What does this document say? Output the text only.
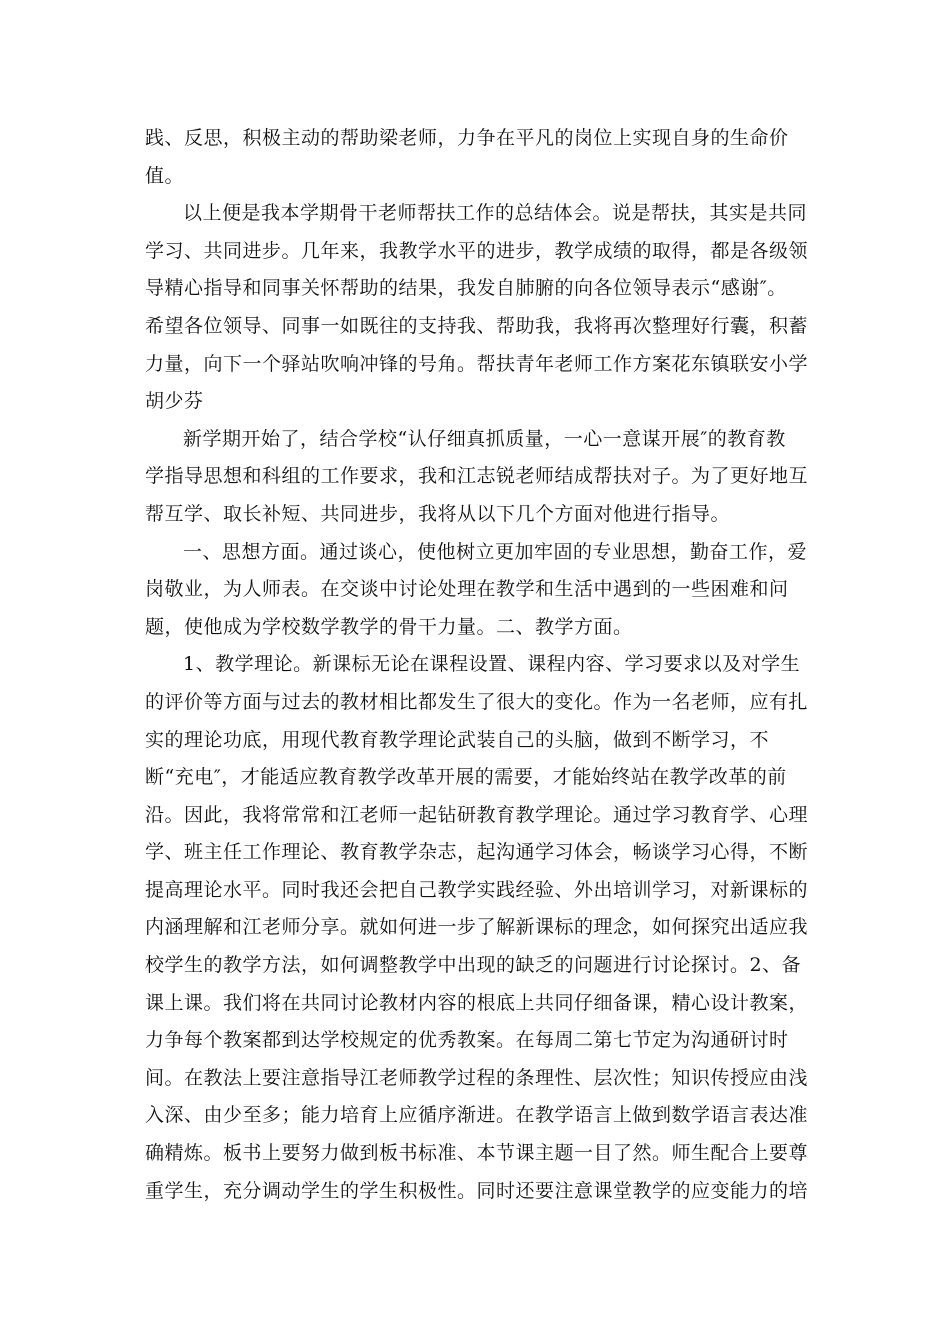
践、反思，积极主动的帮助梁老师，力争在平凡的岗位上实现自身的生命价
值。
以上便是我本学期骨干老师帮扶工作的总结体会。说是帮扶，其实是共同
学习、共同进步。几年来，我教学水平的进步，教学成绩的取得，都是各级领
导精心指导和同事关怀帮助的结果，我发自肺腑的向各位领导表示“感谢″。
希望各位领导、同事一如既往的支持我、帮助我，我将再次整理好行囊，积蓄
力量，向下一个驿站吹响冲锋的号角。帮扶青年老师工作方案花东镇联安小学
胡少芬
新学期开始了，结合学校“认仔细真抓质量，一心一意谋开展″的教育教
学指导思想和科组的工作要求，我和江志锐老师结成帮扶对子。为了更好地互
帮互学、取长补短、共同进步，我将从以下几个方面对他进行指导。
一、思想方面。通过谈心，使他树立更加牢固的专业思想，勤奋工作，爱
岗敬业，为人师表。在交谈中讨论处理在教学和生活中遇到的一些困难和问
题，使他成为学校数学教学的骨干力量。二、教学方面。
1、教学理论。新课标无论在课程设置、课程内容、学习要求以及对学生
的评价等方面与过去的教材相比都发生了很大的变化。作为一名老师，应有扎
实的理论功底，用现代教育教学理论武装自己的头脑，做到不断学习，不
断“充电″，才能适应教育教学改革开展的需要，才能始终站在教学改革的前
沿。因此，我将常常和江老师一起钻研教育教学理论。通过学习教育学、心理
学、班主任工作理论、教育教学杂志，起沟通学习体会，畅谈学习心得，不断
提高理论水平。同时我还会把自己教学实践经验、外出培训学习，对新课标的
内涵理解和江老师分享。就如何进一步了解新课标的理念，如何探究出适应我
校学生的教学方法，如何调整教学中出现的缺乏的问题进行讨论探讨。2、备
课上课。我们将在共同讨论教材内容的根底上共同仔细备课，精心设计教案，
力争每个教案都到达学校规定的优秀教案。在每周二第七节定为沟通研讨时
间。在教法上要注意指导江老师教学过程的条理性、层次性；知识传授应由浅
入深、由少至多；能力培育上应循序渐进。在教学语言上做到数学语言表达准
确精炼。板书上要努力做到板书标准、本节课主题一目了然。师生配合上要尊
重学生，充分调动学生的学生积极性。同时还要注意课堂教学的应变能力的培
